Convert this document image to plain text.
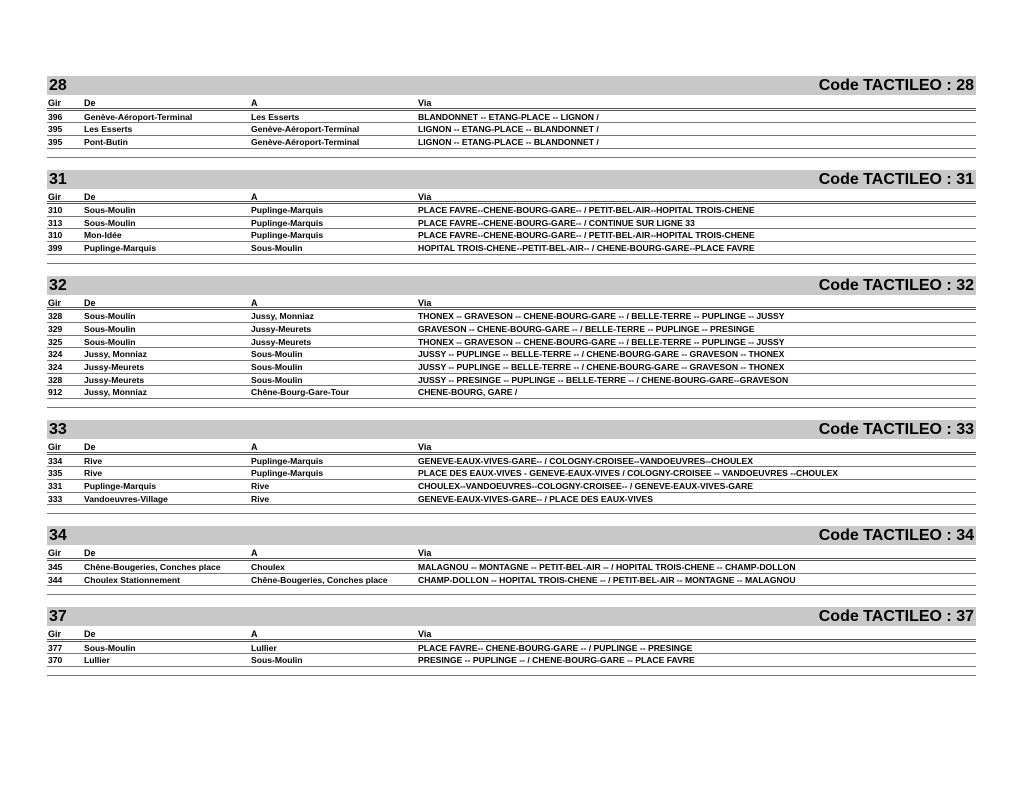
28	Code TACTILEO : 28
Gir	De	A	Via
396	Genève-Aéroport-Terminal	Les Esserts	BLANDONNET -- ETANG-PLACE -- LIGNON /
395	Les Esserts	Genève-Aéroport-Terminal	LIGNON -- ETANG-PLACE -- BLANDONNET /
395	Pont-Butin	Genève-Aéroport-Terminal	LIGNON -- ETANG-PLACE -- BLANDONNET /
31	Code TACTILEO : 31
Gir	De	A	Via
310	Sous-Moulin	Puplinge-Marquis	PLACE FAVRE--CHENE-BOURG-GARE-- / PETIT-BEL-AIR--HOPITAL TROIS-CHENE
313	Sous-Moulin	Puplinge-Marquis	PLACE FAVRE--CHENE-BOURG-GARE-- / CONTINUE SUR LIGNE 33
310	Mon-Idée	Puplinge-Marquis	PLACE FAVRE--CHENE-BOURG-GARE-- / PETIT-BEL-AIR--HOPITAL TROIS-CHENE
399	Puplinge-Marquis	Sous-Moulin	HOPITAL TROIS-CHENE--PETIT-BEL-AIR-- / CHENE-BOURG-GARE--PLACE FAVRE
32	Code TACTILEO : 32
Gir	De	A	Via
328	Sous-Moulin	Jussy, Monniaz	THONEX -- GRAVESON -- CHENE-BOURG-GARE -- / BELLE-TERRE -- PUPLINGE -- JUSSY
329	Sous-Moulin	Jussy-Meurets	GRAVESON -- CHENE-BOURG-GARE -- / BELLE-TERRE -- PUPLINGE -- PRESINGE
325	Sous-Moulin	Jussy-Meurets	THONEX -- GRAVESON -- CHENE-BOURG-GARE -- / BELLE-TERRE -- PUPLINGE -- JUSSY
324	Jussy, Monniaz	Sous-Moulin	JUSSY -- PUPLINGE -- BELLE-TERRE -- / CHENE-BOURG-GARE -- GRAVESON -- THONEX
324	Jussy-Meurets	Sous-Moulin	JUSSY -- PUPLINGE -- BELLE-TERRE -- / CHENE-BOURG-GARE -- GRAVESON -- THONEX
328	Jussy-Meurets	Sous-Moulin	JUSSY -- PRESINGE -- PUPLINGE -- BELLE-TERRE -- / CHENE-BOURG-GARE--GRAVESON
912	Jussy, Monniaz	Chêne-Bourg-Gare-Tour	CHENE-BOURG, GARE /
33	Code TACTILEO : 33
Gir	De	A	Via
334	Rive	Puplinge-Marquis	GENEVE-EAUX-VIVES-GARE-- / COLOGNY-CROISEE--VANDOEUVRES--CHOULEX
335	Rive	Puplinge-Marquis	PLACE DES EAUX-VIVES - GENEVE-EAUX-VIVES / COLOGNY-CROISEE -- VANDOEUVRES --CHOULEX
331	Puplinge-Marquis	Rive	CHOULEX--VANDOEUVRES--COLOGNY-CROISEE-- / GENEVE-EAUX-VIVES-GARE
333	Vandoeuvres-Village	Rive	GENEVE-EAUX-VIVES-GARE-- / PLACE DES EAUX-VIVES
34	Code TACTILEO : 34
Gir	De	A	Via
345	Chêne-Bougeries, Conches place	Choulex	MALAGNOU -- MONTAGNE -- PETIT-BEL-AIR -- / HOPITAL TROIS-CHENE -- CHAMP-DOLLON
344	Choulex Stationnement	Chêne-Bougeries, Conches place	CHAMP-DOLLON -- HOPITAL TROIS-CHENE -- / PETIT-BEL-AIR -- MONTAGNE -- MALAGNOU
37	Code TACTILEO : 37
Gir	De	A	Via
377	Sous-Moulin	Lullier	PLACE FAVRE-- CHENE-BOURG-GARE -- / PUPLINGE -- PRESINGE
370	Lullier	Sous-Moulin	PRESINGE -- PUPLINGE -- / CHENE-BOURG-GARE -- PLACE FAVRE
